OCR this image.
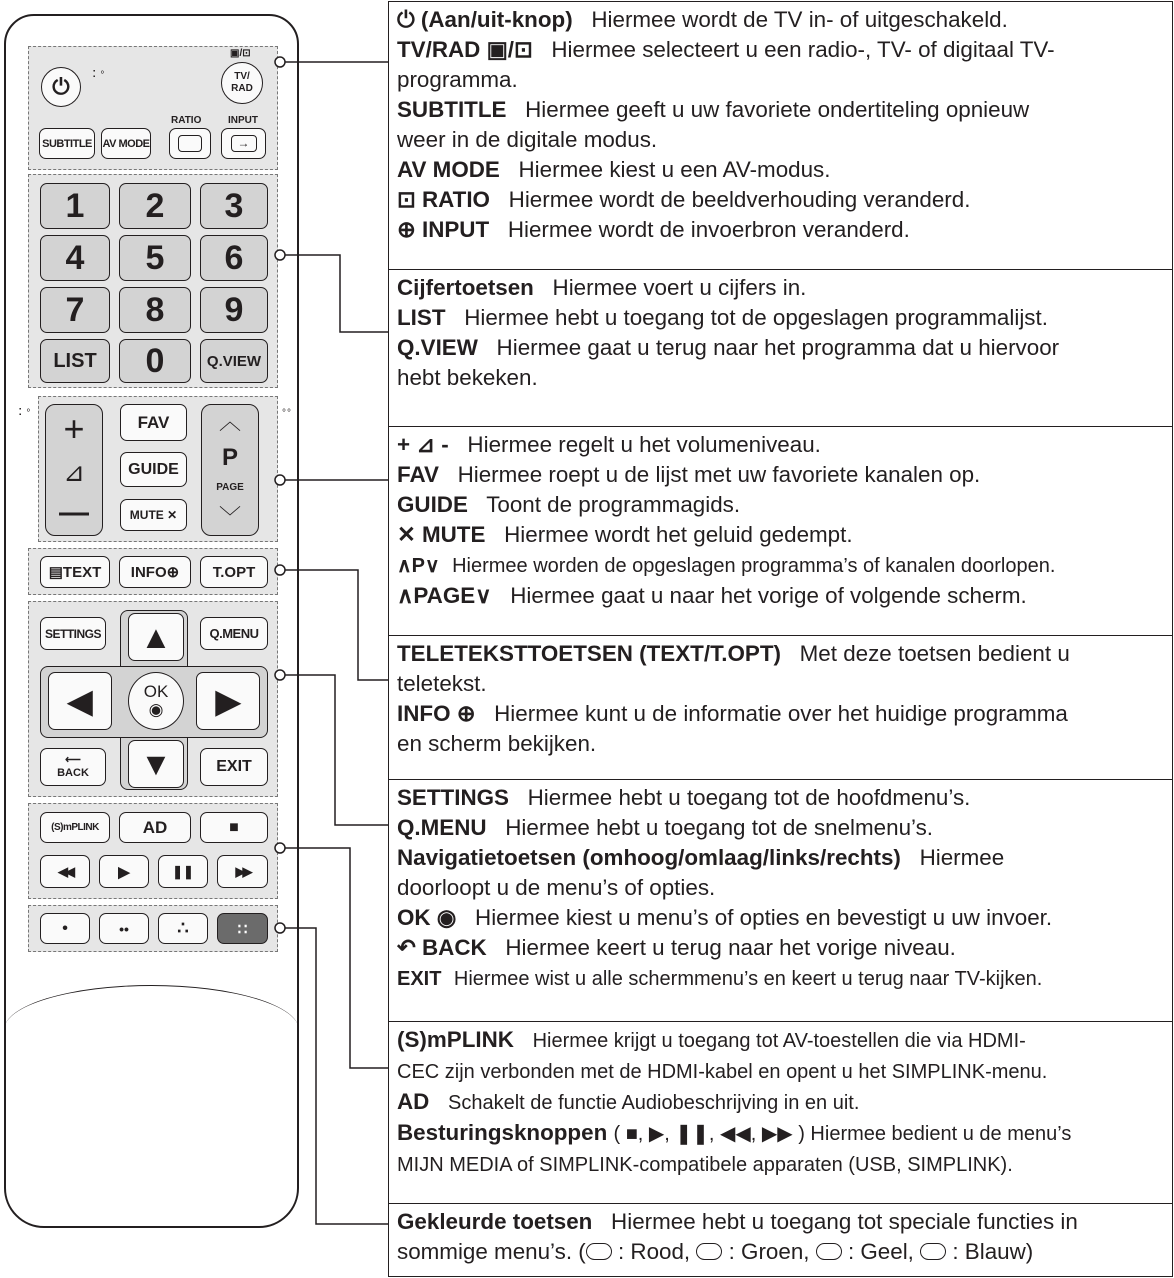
⏻	⠅°
▣/⊡
TV/
RAD
SUBTITLE AV MODE
RATIO	INPUT
→
1	2	3
4	5	6
7	8	9
LIST	0	Q.VIEW
⠅°	°°
+
⊿
—
FAV
GUIDE
MUTE ✕
︿
P
PAGE
﹀
▤TEXT	INFO⊕	T.OPT
SETTINGS	Q.MENU
▲
◀	OK
◉	▶
▼
⟵
BACK	EXIT
(S)mPLINK	AD	■
◀◀	▶	❚❚	▶▶
•	••	∴	∷
⏻ (Aan/uit-knop) Hiermee wordt de TV in- of uitgeschakeld.
TV/RAD ▣/⊡ Hiermee selecteert u een radio-, TV- of digitaal TV-
programma.
SUBTITLE Hiermee geeft u uw favoriete ondertiteling opnieuw
weer in de digitale modus.
AV MODE Hiermee kiest u een AV-modus.
⊡ RATIO Hiermee wordt de beeldverhouding veranderd.
⊕ INPUT Hiermee wordt de invoerbron veranderd.
Cijfertoetsen Hiermee voert u cijfers in.
LIST Hiermee hebt u toegang tot de opgeslagen programmalijst.
Q.VIEW Hiermee gaat u terug naar het programma dat u hiervoor
hebt bekeken.
+ ⊿ - Hiermee regelt u het volumeniveau.
FAV Hiermee roept u de lijst met uw favoriete kanalen op.
GUIDE Toont de programmagids.
✕ MUTE Hiermee wordt het geluid gedempt.
∧P∨ Hiermee worden de opgeslagen programma’s of kanalen doorlopen.
∧PAGE∨ Hiermee gaat u naar het vorige of volgende scherm.
TELETEKSTTOETSEN (TEXT/T.OPT) Met deze toetsen bedient u
teletekst.
INFO ⊕ Hiermee kunt u de informatie over het huidige programma
en scherm bekijken.
SETTINGS Hiermee hebt u toegang tot de hoofdmenu’s.
Q.MENU Hiermee hebt u toegang tot de snelmenu’s.
Navigatietoetsen (omhoog/omlaag/links/rechts) Hiermee
doorloopt u de menu’s of opties.
OK ◉ Hiermee kiest u menu’s of opties en bevestigt u uw invoer.
↶ BACK Hiermee keert u terug naar het vorige niveau.
EXIT Hiermee wist u alle schermmenu’s en keert u terug naar TV-kijken.
(S)mPLINK Hiermee krijgt u toegang tot AV-toestellen die via HDMI-
CEC zijn verbonden met de HDMI-kabel en opent u het SIMPLINK-menu.
AD Schakelt de functie Audiobeschrijving in en uit.
Besturingsknoppen ( ■, ▶, ❚❚, ◀◀, ▶▶ ) Hiermee bedient u de menu’s
MIJN MEDIA of SIMPLINK-compatibele apparaten (USB, SIMPLINK).
Gekleurde toetsen Hiermee hebt u toegang tot speciale functies in
sommige menu’s. ( : Rood,  : Groen,  : Geel,  : Blauw)
